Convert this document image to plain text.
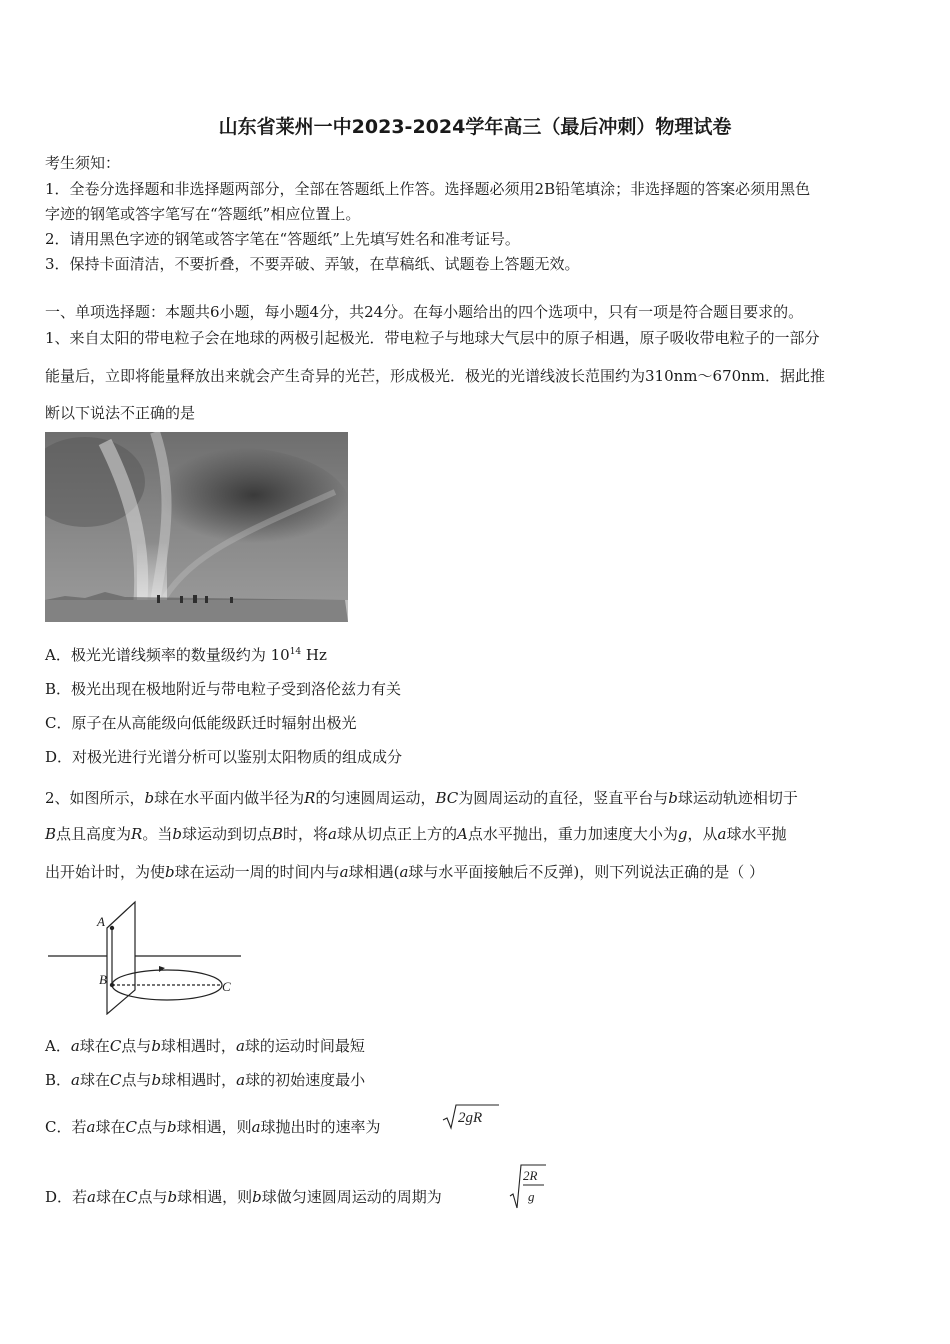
山东省莱州一中2023-2024学年高三（最后冲刺）物理试卷
考生须知：
1．全卷分选择题和非选择题两部分，全部在答题纸上作答。选择题必须用2B铅笔填涂；非选择题的答案必须用黑色
字迹的钢笔或答字笔写在“答题纸”相应位置上。
2．请用黑色字迹的钢笔或答字笔在“答题纸”上先填写姓名和准考证号。
3．保持卡面清洁，不要折叠，不要弄破、弄皱，在草稿纸、试题卷上答题无效。
一、单项选择题：本题共6小题，每小题4分，共24分。在每小题给出的四个选项中，只有一项是符合题目要求的。
1、来自太阳的带电粒子会在地球的两极引起极光．带电粒子与地球大气层中的原子相遇，原子吸收带电粒子的一部分
能量后，立即将能量释放出来就会产生奇异的光芒，形成极光．极光的光谱线波长范围约为310nm～670nm．据此推
断以下说法不正确的是
A．极光光谱线频率的数量级约为 $10^{14}$ Hz
B．极光出现在极地附近与带电粒子受到洛伦兹力有关
C．原子在从高能级向低能级跃迁时辐射出极光
D．对极光进行光谱分析可以鉴别太阳物质的组成成分
2、如图所示，b球在水平面内做半径为R的匀速圆周运动，BC为圆周运动的直径，竖直平台与b球运动轨迹相切于
B点且高度为R。当b球运动到切点B时，将a球从切点正上方的A点水平抛出，重力加速度大小为g，从a球水平抛
出开始计时，为使b球在运动一周的时间内与a球相遇(a球与水平面接触后不反弹)，则下列说法正确的是（ ）
A
B	C
A．a球在C点与b球相遇时，a球的运动时间最短
B．a球在C点与b球相遇时，a球的初始速度最小
C．若a球在C点与b球相遇，则a球抛出时的速率为	2gR
D．若a球在C点与b球相遇，则b球做匀速圆周运动的周期为
2R
g
